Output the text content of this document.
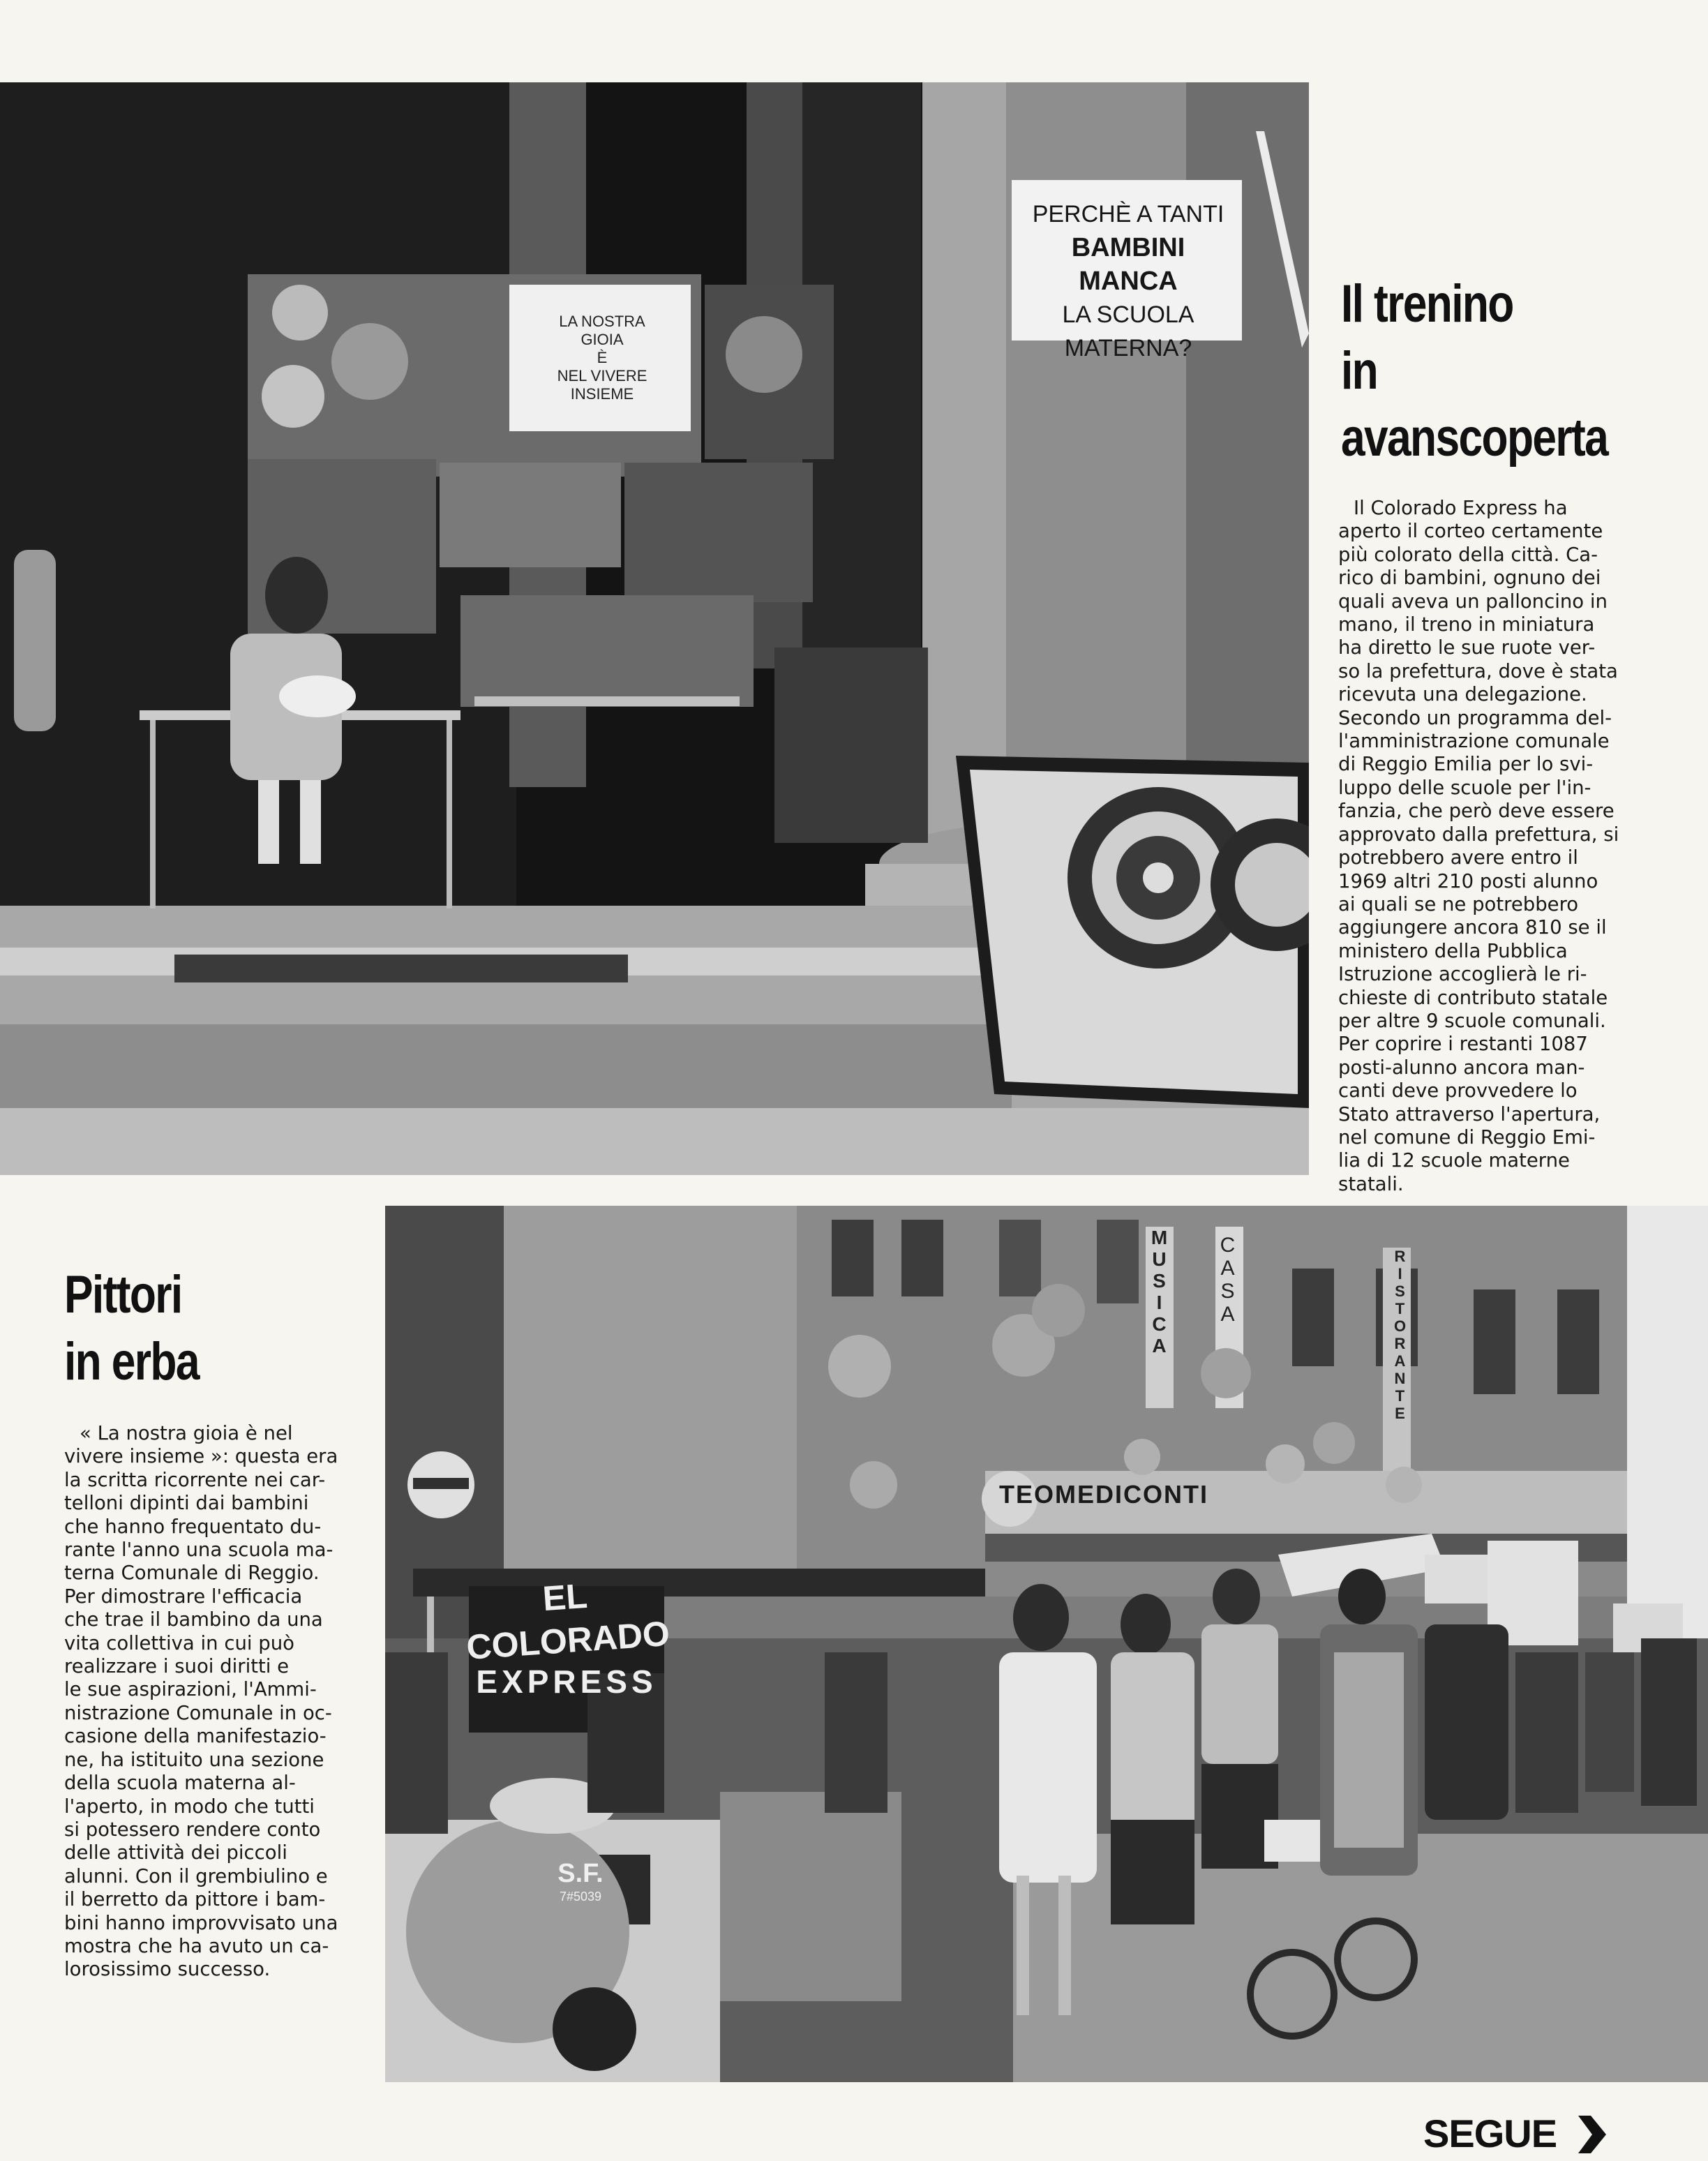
LA NOSTRA
GIOIA
È
NEL VIVERE
INSIEME
PERCHÈ A TANTI
BAMBINI MANCA
LA SCUOLA
MATERNA?
Il trenino
in
avanscoperta
Il Colorado Express ha
aperto il corteo certamente
più colorato della città. Ca-
rico di bambini, ognuno dei
quali aveva un palloncino in
mano, il treno in miniatura
ha diretto le sue ruote ver-
so la prefettura, dove è stata
ricevuta una delegazione.
Secondo un programma del-
l'amministrazione comunale
di Reggio Emilia per lo svi-
luppo delle scuole per l'in-
fanzia, che però deve essere
approvato dalla prefettura, si
potrebbero avere entro il
1969 altri 210 posti alunno
ai quali se ne potrebbero
aggiungere ancora 810 se il
ministero della Pubblica
Istruzione accoglierà le ri-
chieste di contributo statale
per altre 9 scuole comunali.
Per coprire i restanti 1087
posti-alunno ancora man-
canti deve provvedere lo
Stato attraverso l'apertura,
nel comune di Reggio Emi-
lia di 12 scuole materne
statali.
Pittori
in erba
« La nostra gioia è nel
vivere insieme »: questa era
la scritta ricorrente nei car-
telloni dipinti dai bambini
che hanno frequentato du-
rante l'anno una scuola ma-
terna Comunale di Reggio.
Per dimostrare l'efficacia
che trae il bambino da una
vita collettiva in cui può
realizzare i suoi diritti e
le sue aspirazioni, l'Ammi-
nistrazione Comunale in oc-
casione della manifestazio-
ne, ha istituito una sezione
della scuola materna al-
l'aperto, in modo che tutti
si potessero rendere conto
delle attività dei piccoli
alunni. Con il grembiulino e
il berretto da pittore i bam-
bini hanno improvvisato una
mostra che ha avuto un ca-
lorosissimo successo.
EL COLORADO
EXPRESS
S.F.
7#5039
CASA
MUSICA	RISTORANTE
TEOMEDICONTI
SEGUE
